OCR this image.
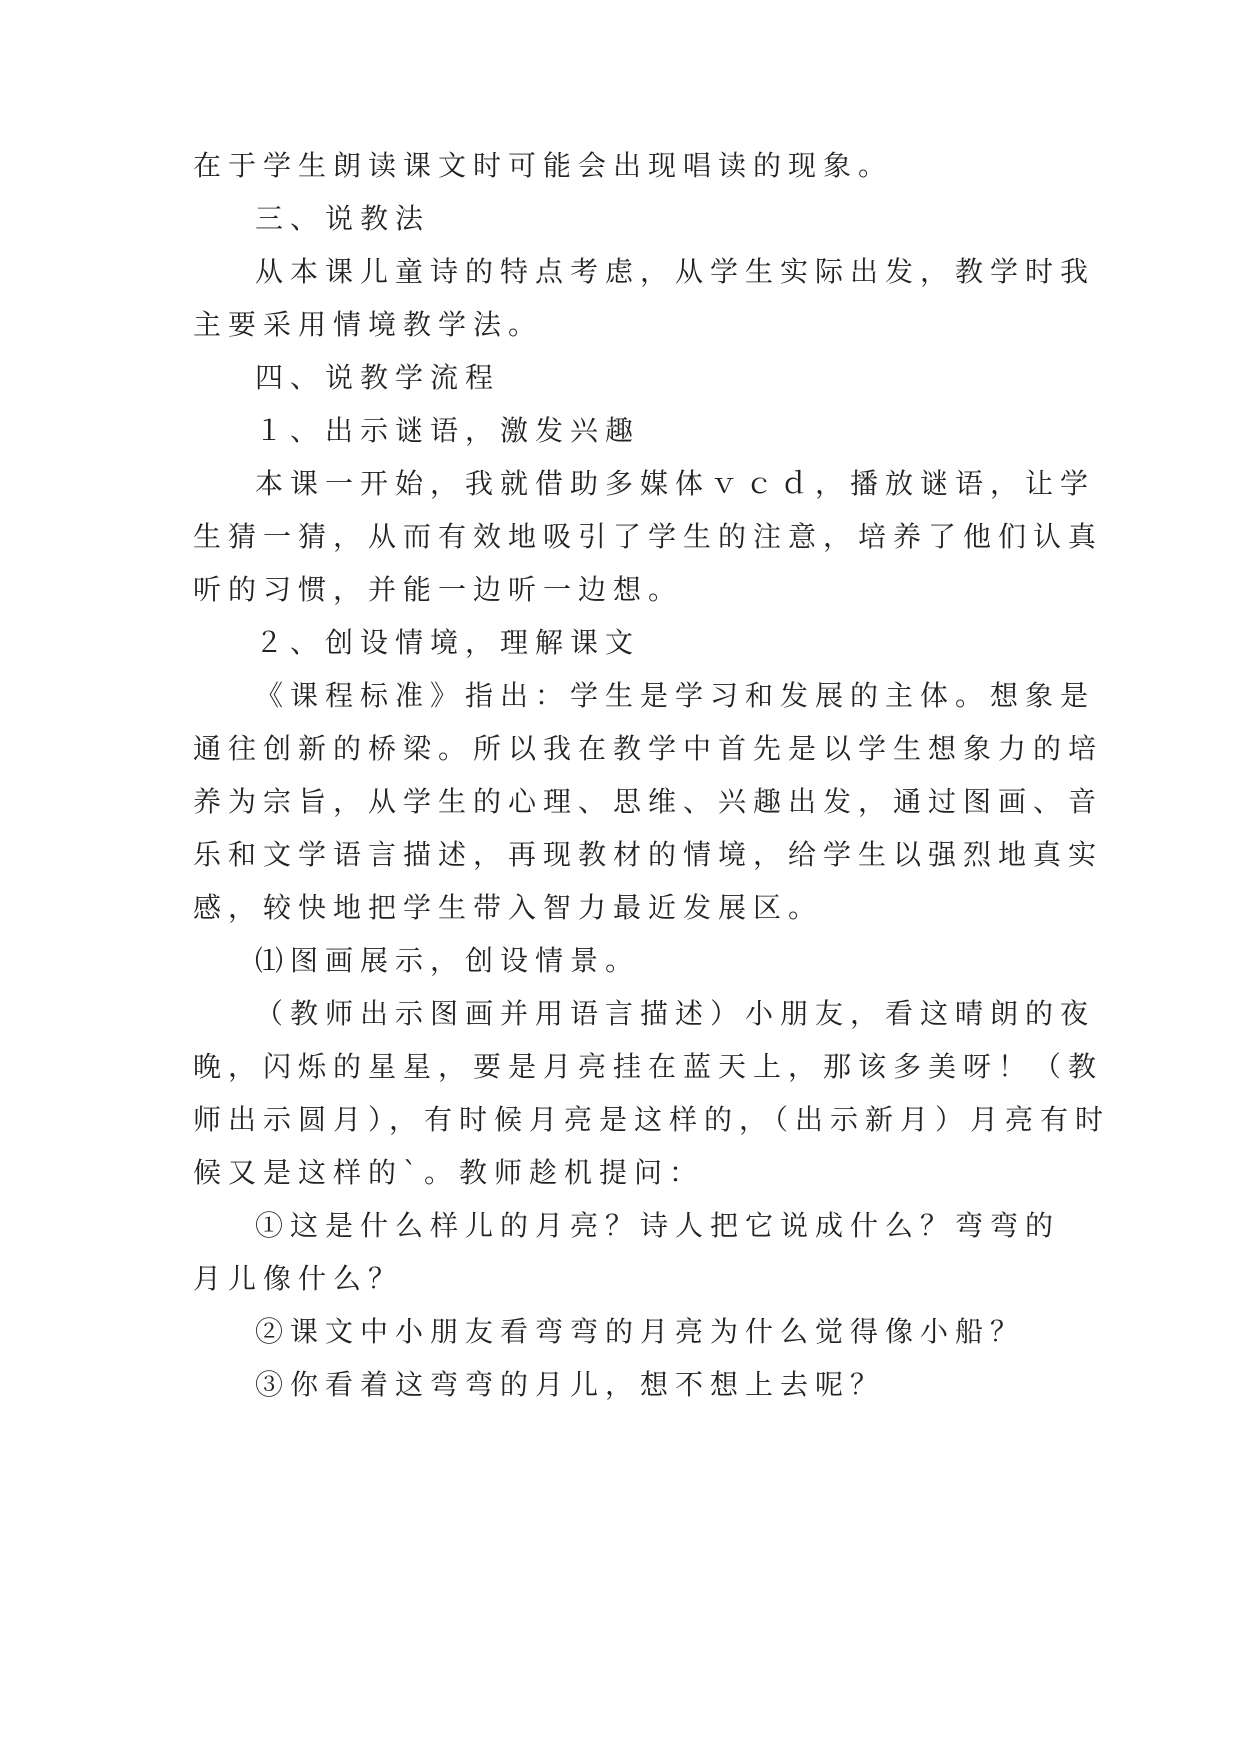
在于学生朗读课文时可能会出现唱读的现象。
三、说教法
从本课儿童诗的特点考虑，从学生实际出发，教学时我
主要采用情境教学法。
四、说教学流程
１、出示谜语，激发兴趣
本课一开始，我就借助多媒体ｖｃｄ，播放谜语，让学
生猜一猜，从而有效地吸引了学生的注意，培养了他们认真
听的习惯，并能一边听一边想。
２、创设情境，理解课文
《课程标准》指出：学生是学习和发展的主体。想象是
通往创新的桥梁。所以我在教学中首先是以学生想象力的培
养为宗旨，从学生的心理、思维、兴趣出发，通过图画、音
乐和文学语言描述，再现教材的情境，给学生以强烈地真实
感，较快地把学生带入智力最近发展区。
⑴图画展示，创设情景。
（教师出示图画并用语言描述）小朋友，看这晴朗的夜
晚，闪烁的星星，要是月亮挂在蓝天上，那该多美呀！（教
师出示圆月），有时候月亮是这样的，（出示新月）月亮有时
候又是这样的`。教师趁机提问：
①这是什么样儿的月亮？诗人把它说成什么？弯弯的
月儿像什么？
②课文中小朋友看弯弯的月亮为什么觉得像小船？
③你看着这弯弯的月儿，想不想上去呢？
